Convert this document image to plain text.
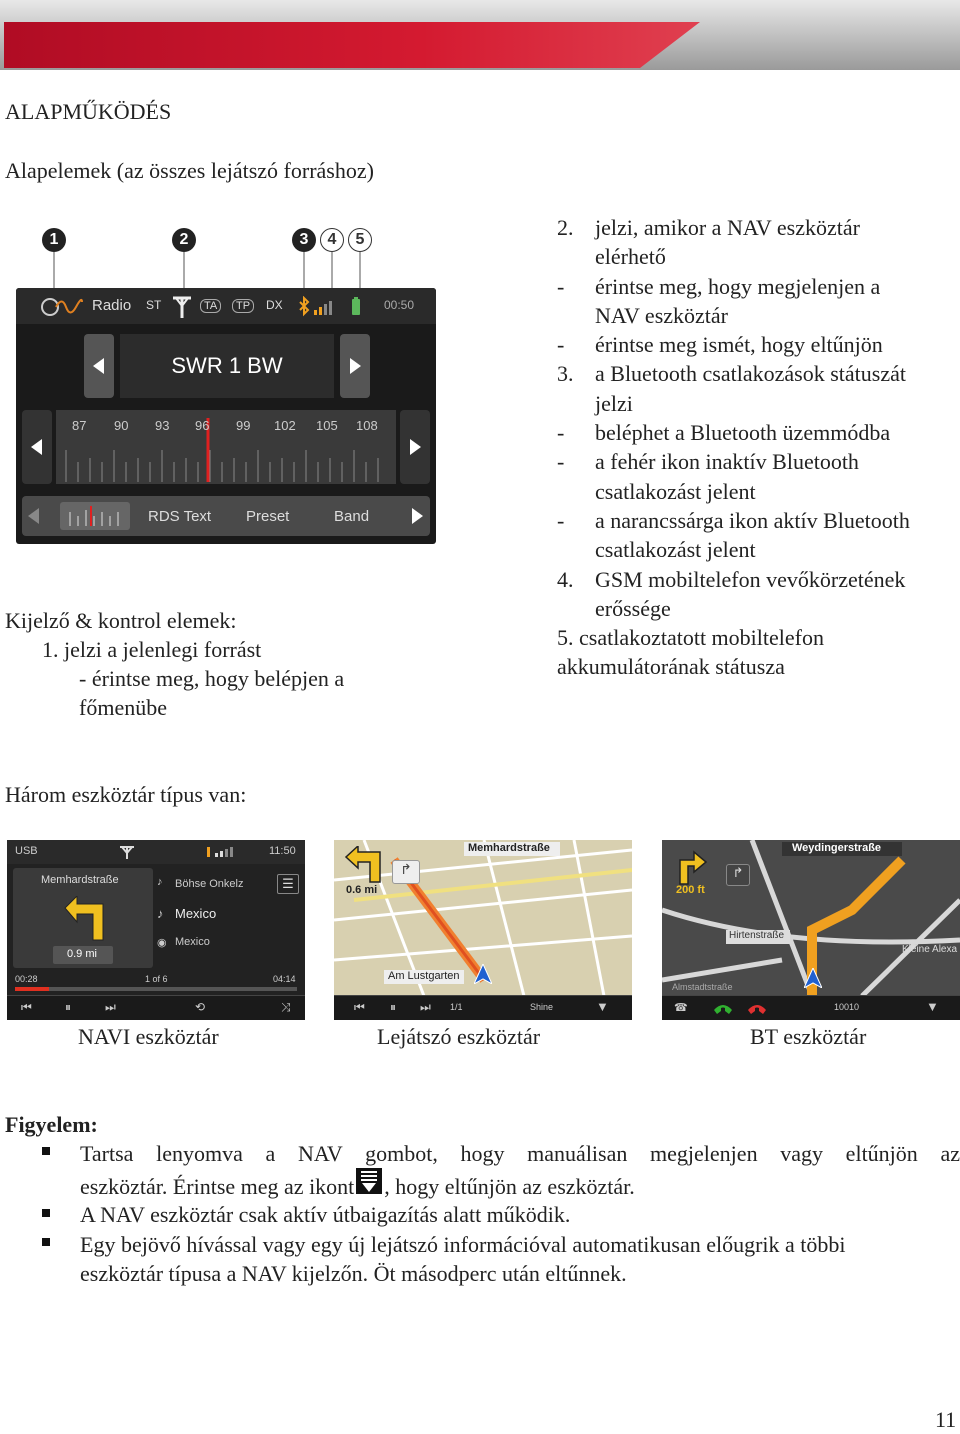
ALAPMŰKÖDÉS
Alapelemek (az összes lejátszó forráshoz)
1	2	3	4	5
Radio ST	TA	TP	DX	00:50
SWR 1 BW
87 90 93 96 99 102 105 108
RDS Text Preset	Band
Kijelző & kontrol elemek:
1. jelzi a jelenlegi forrást
- érintse meg, hogy belépjen a
főmenübe
2. jelzi, amikor a NAV eszköztár
elérhető
- érintse meg, hogy megjelenjen a
NAV eszköztár
- érintse meg ismét, hogy eltűnjön
3. a Bluetooth csatlakozások státuszát
jelzi
- beléphet a Bluetooth üzemmódba
- a fehér ikon inaktív Bluetooth
csatlakozást jelent
- a narancssárga ikon aktív Bluetooth
csatlakozást jelent
4. GSM mobiltelefon vevőkörzetének
erőssége
5. csatlakoztatott mobiltelefon
akkumulátorának státusza
Három eszköztár típus van:
USB	11:50
Memhardstraße
0.9 mi
♪ Böhse Onkelz
♪ Mexico
◉ Mexico
☰
00:28	1 of 6	04:14
⏮	⏸	⏭	⟲	⤨
Memhardstraße
0.6 mi
↱
Am Lustgarten
⏮ ⏸ ⏭ 1/1	Shine	▼
Weydingerstraße
200 ft
↱
Hirtenstraße
Kleine Alexa
Almstadtstraße
☎	10010	▼
NAVI eszköztár	Lejátszó eszköztár	BT eszköztár
Figyelem:
Tartsa lenyomva a NAV gombot, hogy manuálisan megjelenjen vagy eltűnjön az
eszköztár. Érintse meg az ikont , hogy eltűnjön az eszköztár.
A NAV eszköztár csak aktív útbaigazítás alatt működik.
Egy bejövő hívással vagy egy új lejátszó információval automatikusan előugrik a többi
eszköztár típusa a NAV kijelzőn. Öt másodperc után eltűnnek.
11
